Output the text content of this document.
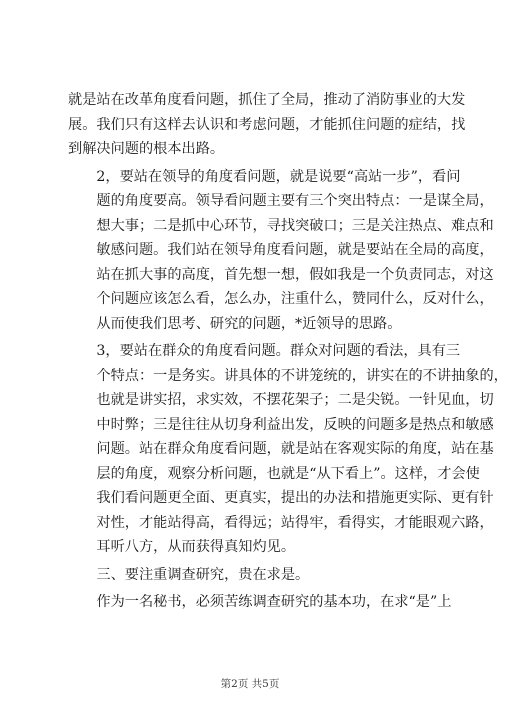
就是站在改革角度看问题，抓住了全局，推动了消防事业的大发
展。我们只有这样去认识和考虑问题，才能抓住问题的症结，找
到解决问题的根本出路。
2，要站在领导的角度看问题，就是说要“高站一步”，看问
题的角度要高。领导看问题主要有三个突出特点：一是谋全局，
想大事；二是抓中心环节，寻找突破口；三是关注热点、难点和
敏感问题。我们站在领导角度看问题，就是要站在全局的高度，
站在抓大事的高度，首先想一想，假如我是一个负责同志，对这
个问题应该怎么看，怎么办，注重什么，赞同什么，反对什么，
从而使我们思考、研究的问题，*近领导的思路。
3，要站在群众的角度看问题。群众对问题的看法，具有三
个特点：一是务实。讲具体的不讲笼统的，讲实在的不讲抽象的，
也就是讲实招，求实效，不摆花架子；二是尖锐。一针见血，切
中时弊；三是往往从切身利益出发，反映的问题多是热点和敏感
问题。站在群众角度看问题，就是站在客观实际的角度，站在基
层的角度，观察分析问题，也就是“从下看上”。这样，才会使
我们看问题更全面、更真实，提出的办法和措施更实际、更有针
对性，才能站得高，看得远；站得牢，看得实，才能眼观六路，
耳听八方，从而获得真知灼见。
三、要注重调查研究，贵在求是。
作为一名秘书，必须苦练调查研究的基本功，在求“是”上
第2页 共5页
